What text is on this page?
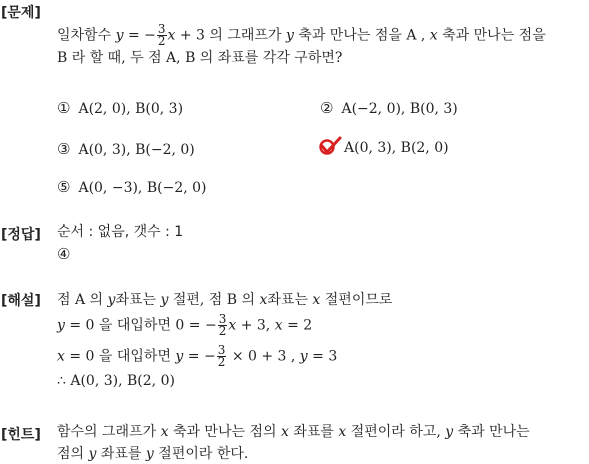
[문제]
[정답]
[해설]
[힌트]
일차함수 y = − $\frac{3}{2}$ x + 3 의 그래프가 y 축과 만나는 점을 A , x 축과 만나는 점을
B 라 할 때, 두 점 A, B 의 좌표를 각각 구하면?
① A(2, 0), B(0, 3)	② A(−2, 0), B(0, 3)
③ A(0, 3), B(−2, 0)	A(0, 3), B(2, 0)
⑤ A(0, −3), B(−2, 0)
순서 : 없음, 갯수 : 1
④
점 A 의 y좌표는 y 절편, 점 B 의 x좌표는 x 절편이므로
y = 0 을 대입하면 0 = − $\frac{3}{2}$ x + 3, x = 2
x = 0 을 대입하면 y = − $\frac{3}{2} \times 0 + 3$ , y = 3
∴ A(0, 3), B(2, 0)
함수의 그래프가 x 축과 만나는 점의 x 좌표를 x 절편이라 하고, y 축과 만나는
점의 y 좌표를 y 절편이라 한다.
